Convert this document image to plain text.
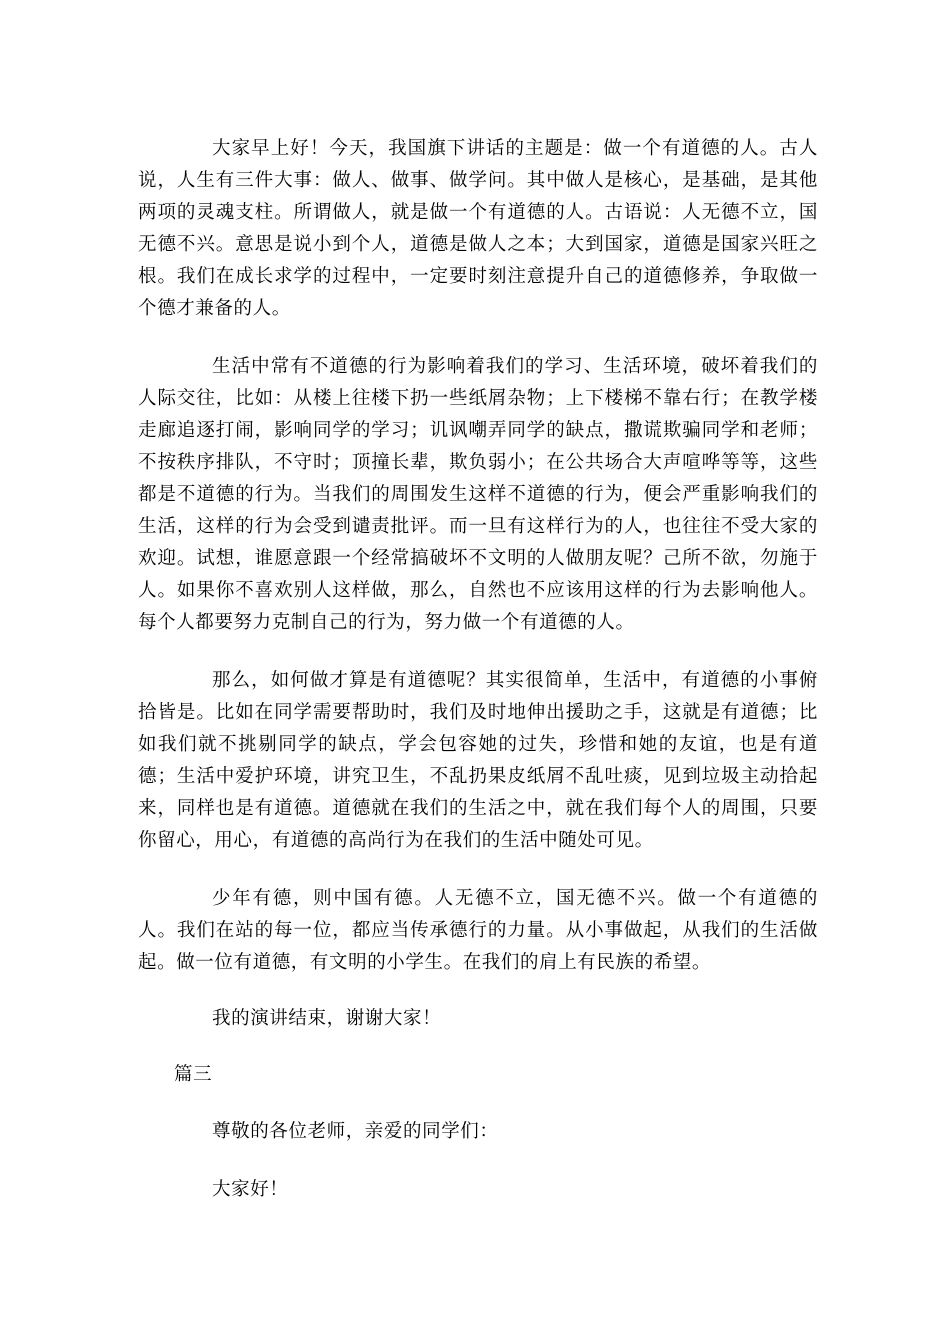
大家早上好！今天，我国旗下讲话的主题是：做一个有道德的人。古人说，人生有三件大事：做人、做事、做学问。其中做人是核心，是基础，是其他两项的灵魂支柱。所谓做人，就是做一个有道德的人。古语说：人无德不立，国无德不兴。意思是说小到个人，道德是做人之本；大到国家，道德是国家兴旺之根。我们在成长求学的过程中，一定要时刻注意提升自己的道德修养，争取做一个德才兼备的人。

生活中常有不道德的行为影响着我们的学习、生活环境，破坏着我们的人际交往，比如：从楼上往楼下扔一些纸屑杂物；上下楼梯不靠右行；在教学楼走廊追逐打闹，影响同学的学习；讥讽嘲弄同学的缺点，撒谎欺骗同学和老师；不按秩序排队，不守时；顶撞长辈，欺负弱小；在公共场合大声喧哗等等，这些都是不道德的行为。当我们的周围发生这样不道德的行为，便会严重影响我们的生活，这样的行为会受到谴责批评。而一旦有这样行为的人，也往往不受大家的欢迎。试想，谁愿意跟一个经常搞破坏不文明的人做朋友呢？己所不欲，勿施于人。如果你不喜欢别人这样做，那么，自然也不应该用这样的行为去影响他人。每个人都要努力克制自己的行为，努力做一个有道德的人。

那么，如何做才算是有道德呢？其实很简单，生活中，有道德的小事俯拾皆是。比如在同学需要帮助时，我们及时地伸出援助之手，这就是有道德；比如我们就不挑剔同学的缺点，学会包容她的过失，珍惜和她的友谊，也是有道德；生活中爱护环境，讲究卫生，不乱扔果皮纸屑不乱吐痰，见到垃圾主动拾起来，同样也是有道德。道德就在我们的生活之中，就在我们每个人的周围，只要你留心，用心，有道德的高尚行为在我们的生活中随处可见。

少年有德，则中国有德。人无德不立，国无德不兴。做一个有道德的人。我们在站的每一位，都应当传承德行的力量。从小事做起，从我们的生活做起。做一位有道德，有文明的小学生。在我们的肩上有民族的希望。

我的演讲结束，谢谢大家！

篇三

尊敬的各位老师，亲爱的同学们：

大家好！
